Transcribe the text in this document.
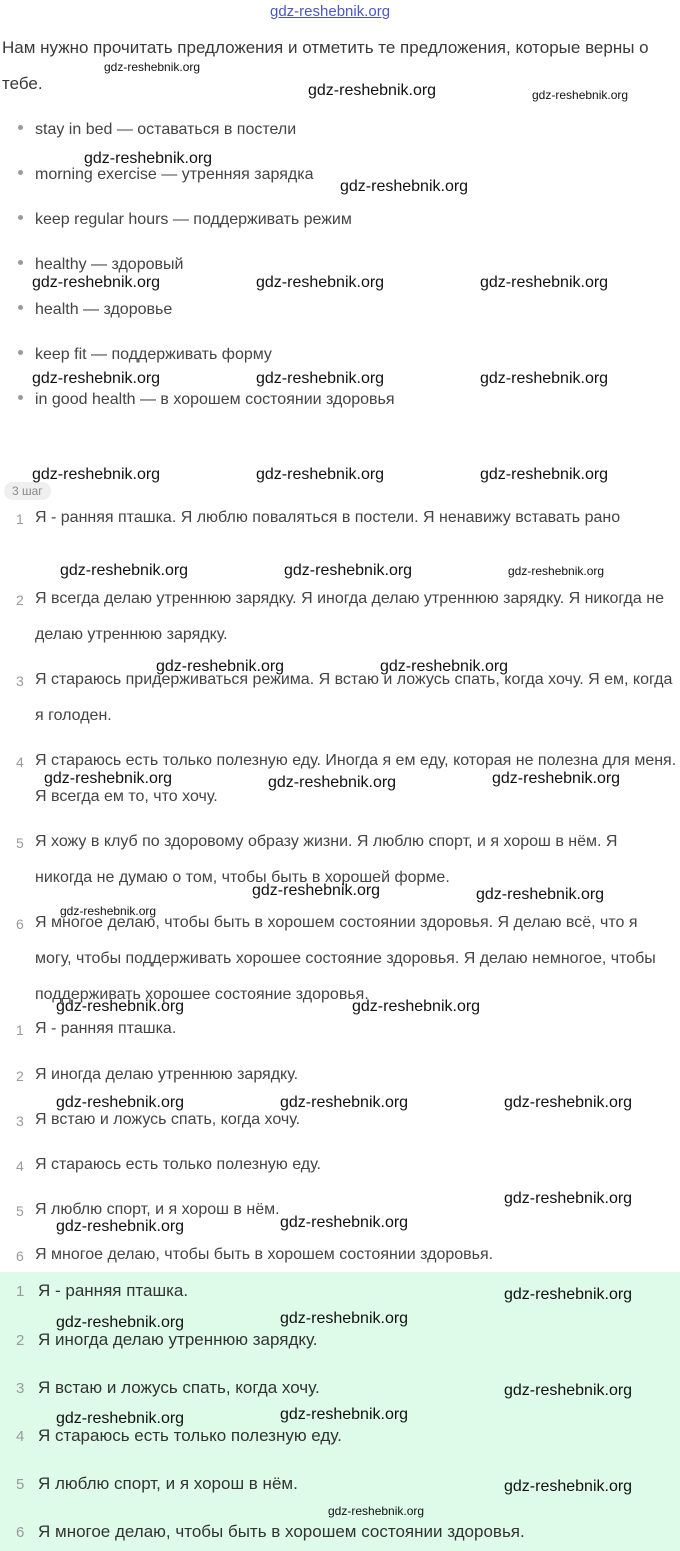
gdz-reshebnik.org
Нам нужно прочитать предложения и отметить те предложения, которые верны о тебе.
stay in bed — оставаться в постели
morning exercise — утренняя зарядка
keep regular hours — поддерживать режим
healthy — здоровый
health — здоровье
keep fit — поддерживать форму
in good health — в хорошем состоянии здоровья
3 шаг
1 Я - ранняя пташка. Я люблю поваляться в постели. Я ненавижу вставать рано
2 Я всегда делаю утреннюю зарядку. Я иногда делаю утреннюю зарядку. Я никогда не делаю утреннюю зарядку.
3 Я стараюсь придерживаться режима. Я встаю и ложусь спать, когда хочу. Я ем, когда я голоден.
4 Я стараюсь есть только полезную еду. Иногда я ем еду, которая не полезна для меня. Я всегда ем то, что хочу.
5 Я хожу в клуб по здоровому образу жизни. Я люблю спорт, и я хорош в нём. Я никогда не думаю о том, чтобы быть в хорошей форме.
6 Я многое делаю, чтобы быть в хорошем состоянии здоровья. Я делаю всё, что я могу, чтобы поддерживать хорошее состояние здоровья. Я делаю немногое, чтобы поддерживать хорошее состояние здоровья.
1 Я - ранняя пташка.
2 Я иногда делаю утреннюю зарядку.
3 Я встаю и ложусь спать, когда хочу.
4 Я стараюсь есть только полезную еду.
5 Я люблю спорт, и я хорош в нём.
6 Я многое делаю, чтобы быть в хорошем состоянии здоровья.
1 Я - ранняя пташка.
2 Я иногда делаю утреннюю зарядку.
3 Я встаю и ложусь спать, когда хочу.
4 Я стараюсь есть только полезную еду.
5 Я люблю спорт, и я хорош в нём.
6 Я многое делаю, чтобы быть в хорошем состоянии здоровья.
gdz-reshebnik.org
gdz-reshebnik.org	gdz-reshebnik.org
gdz-reshebnik.org
gdz-reshebnik.org
gdz-reshebnik.org	gdz-reshebnik.org	gdz-reshebnik.org
gdz-reshebnik.org	gdz-reshebnik.org	gdz-reshebnik.org
gdz-reshebnik.org	gdz-reshebnik.org	gdz-reshebnik.org
gdz-reshebnik.org	gdz-reshebnik.org	gdz-reshebnik.org
gdz-reshebnik.org	gdz-reshebnik.org
gdz-reshebnik.org	gdz-reshebnik.org	gdz-reshebnik.org
gdz-reshebnik.org	gdz-reshebnik.org
gdz-reshebnik.org
gdz-reshebnik.org	gdz-reshebnik.org
gdz-reshebnik.org	gdz-reshebnik.org	gdz-reshebnik.org
gdz-reshebnik.org
gdz-reshebnik.org	gdz-reshebnik.org
gdz-reshebnik.org
gdz-reshebnik.org	gdz-reshebnik.org
gdz-reshebnik.org
gdz-reshebnik.org	gdz-reshebnik.org
gdz-reshebnik.org
gdz-reshebnik.org
